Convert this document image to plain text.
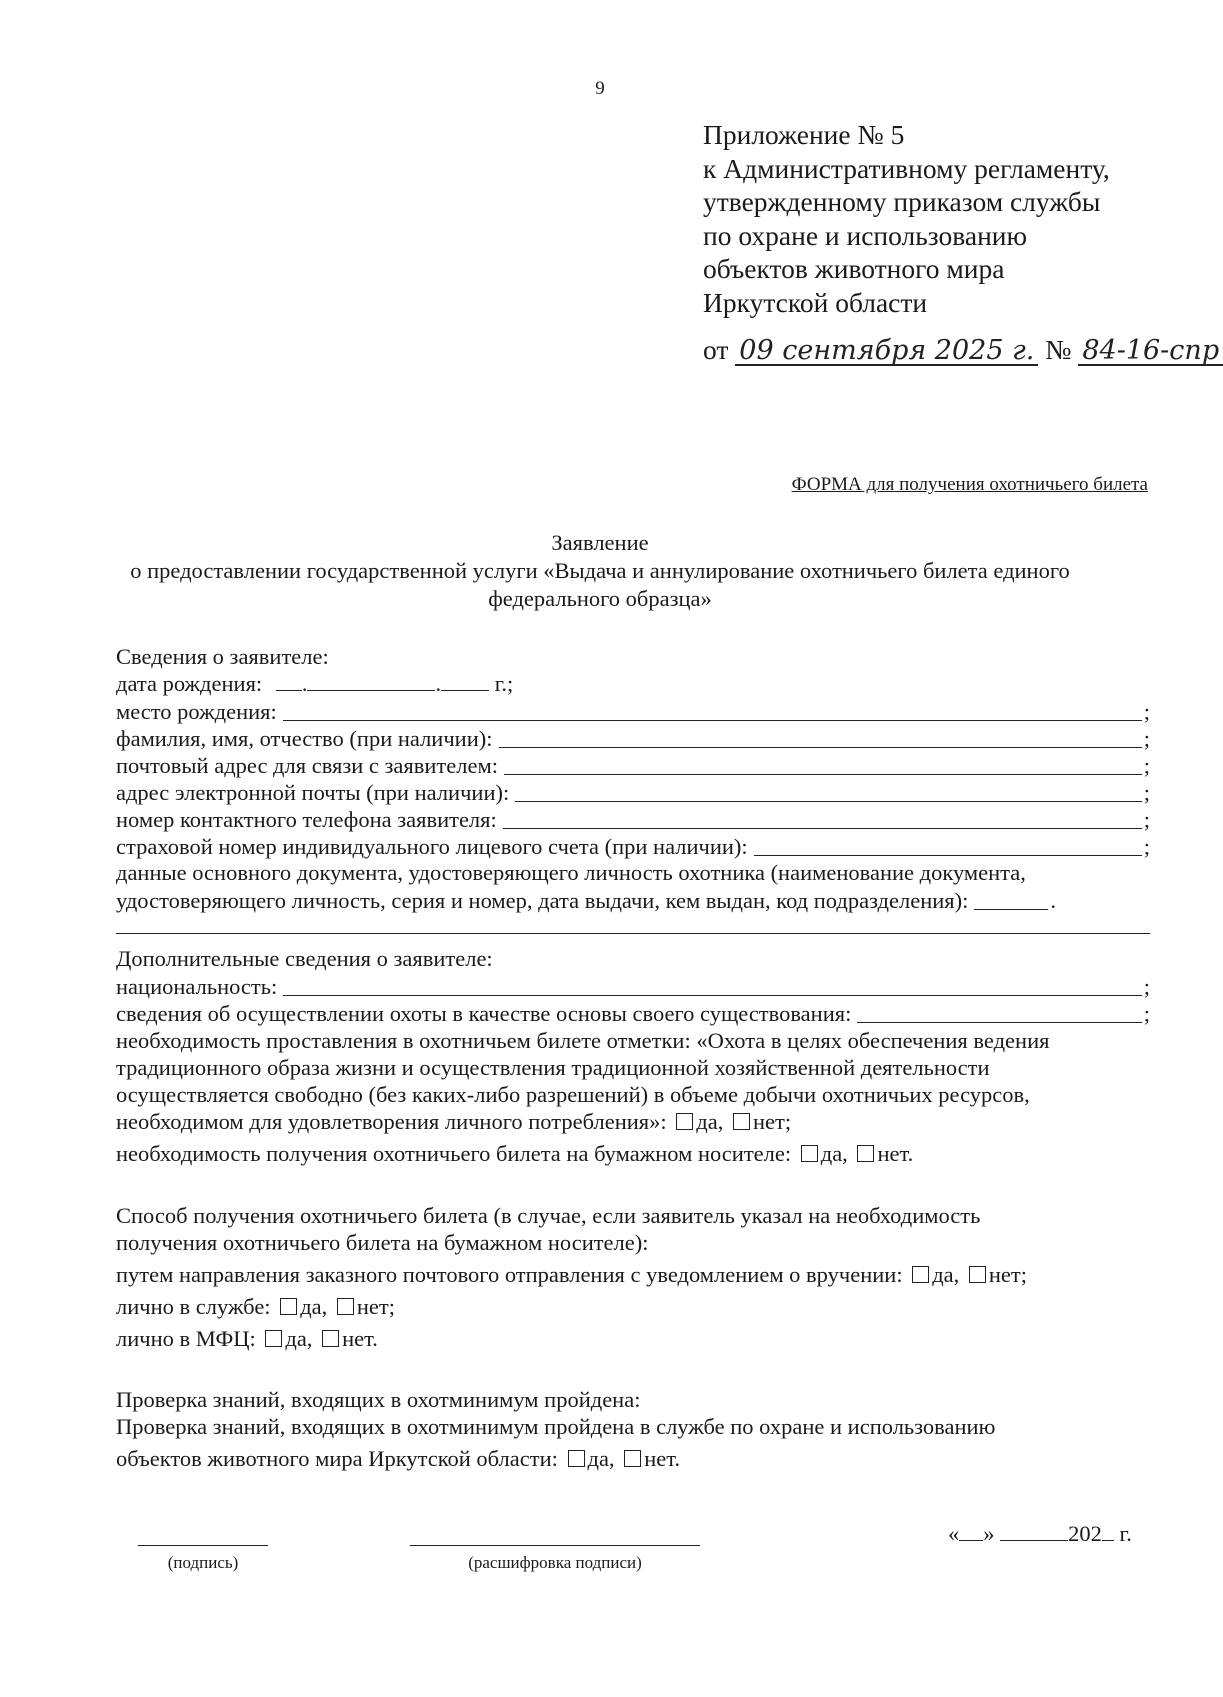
9
Приложение № 5
к Административному регламенту,
утвержденному приказом службы
по охране и использованию
объектов животного мира
Иркутской области
от 09 сентября 2025 г. № 84-16-спр
ФОРМА для получения охотничьего билета
Заявление
о предоставлении государственной услуги «Выдача и аннулирование охотничьего билета единого
федерального образца»
Сведения о заявителе:
дата рождения: .	. г.;
место рождения:	;
фамилия, имя, отчество (при наличии):	;
почтовый адрес для связи с заявителем:	;
адрес электронной почты (при наличии):	;
номер контактного телефона заявителя:	;
страховой номер индивидуального лицевого счета (при наличии):	;
данные основного документа, удостоверяющего личность охотника (наименование документа,
удостоверяющего личность, серия и номер, дата выдачи, кем выдан, код подразделения):	.
Дополнительные сведения о заявителе:
национальность:	;
сведения об осуществлении охоты в качестве основы своего существования:	;
необходимость проставления в охотничьем билете отметки: «Охота в целях обеспечения ведения
традиционного образа жизни и осуществления традиционной хозяйственной деятельности
осуществляется свободно (без каких-либо разрешений) в объеме добычи охотничьих ресурсов,
необходимом для удовлетворения личного потребления»: да, нет;
необходимость получения охотничьего билета на бумажном носителе: да, нет.
Способ получения охотничьего билета (в случае, если заявитель указал на необходимость
получения охотничьего билета на бумажном носителе):
путем направления заказного почтового отправления с уведомлением о вручении: да, нет;
лично в службе: да, нет;
лично в МФЦ: да, нет.
Проверка знаний, входящих в охотминимум пройдена:
Проверка знаний, входящих в охотминимум пройдена в службе по охране и использованию
объектов животного мира Иркутской области: да, нет.
(подпись)	(расшифровка подписи)
« »	202 г.
